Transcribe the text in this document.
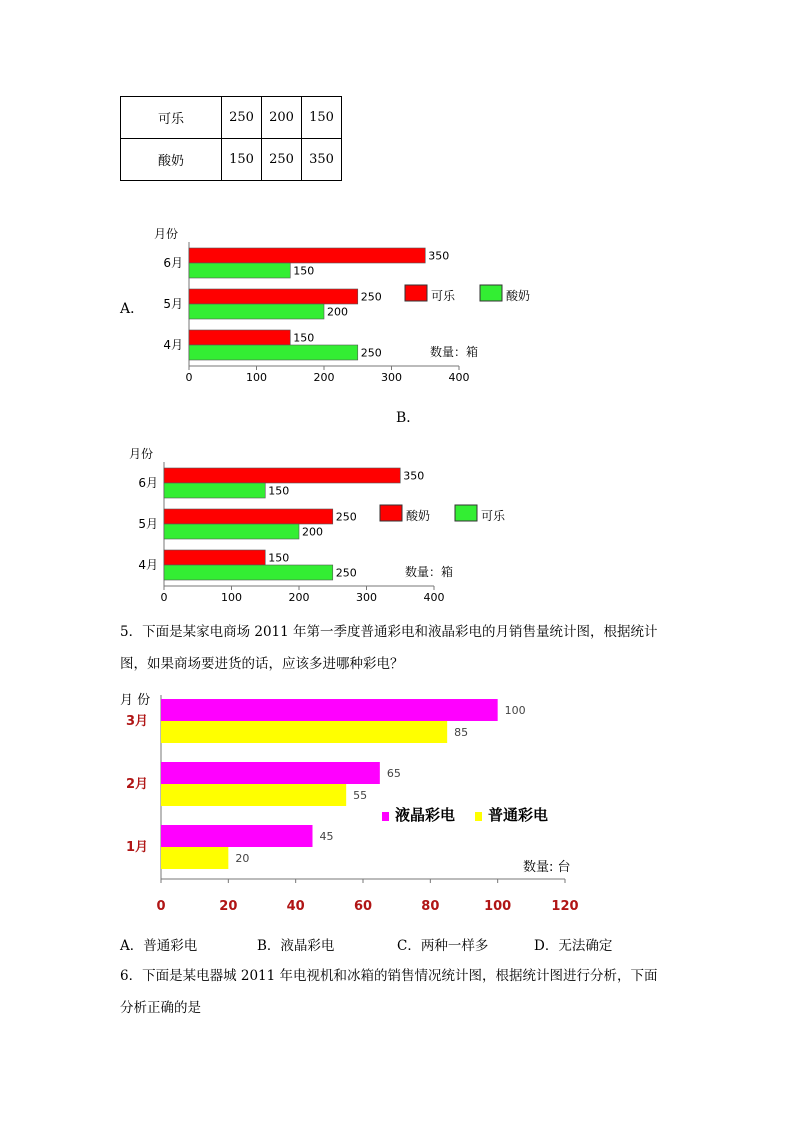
可乐	250	200	150
酸奶	150	250	350
A．
月份
0	100	200	300	400
6月	350
150
5月	250
200
4月	150
250
可乐	酸奶
数量：箱
B．
月份
0	100	200	300	400
6月	350
150
5月	250
200
4月	150
250
酸奶	可乐
数量：箱
5．下面是某家电商场 2011 年第一季度普通彩电和液晶彩电的月销售量统计图，根据统计
图，如果商场要进货的话，应该多进哪种彩电？
月 份
0	20	40	60	80	100	120
3月
100
85
2月
65
55
1月
45
20
液晶彩电 普通彩电
数量: 台
A．普通彩电	B．液晶彩电	C．两种一样多	D．无法确定
6．下面是某电器城 2011 年电视机和冰箱的销售情况统计图，根据统计图进行分析，下面
分析正确的是
